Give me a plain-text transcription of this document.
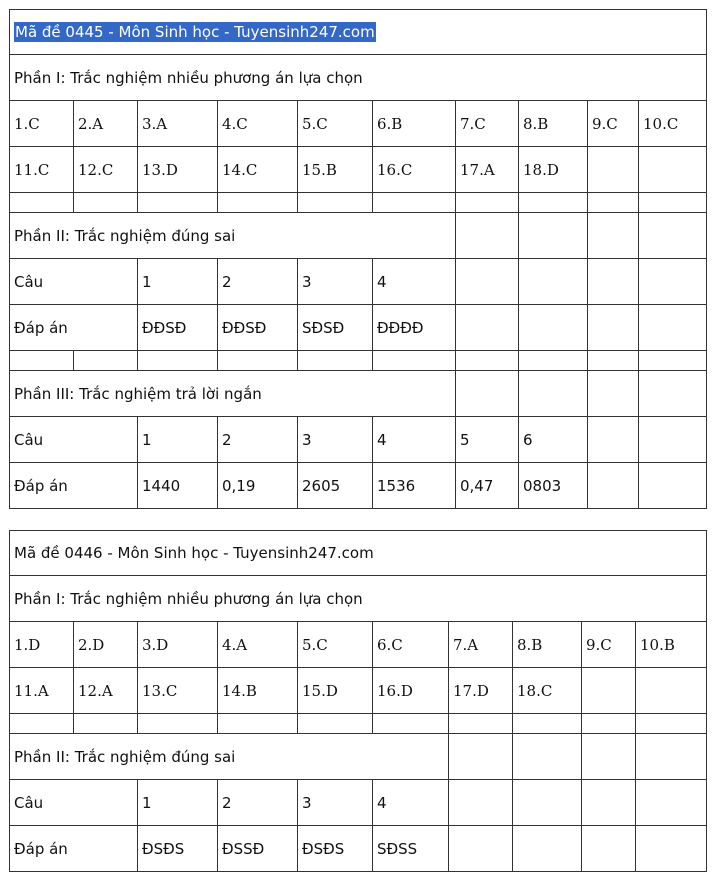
Mã đề 0445 - Môn Sinh học - Tuyensinh247.com									
Phần I: Trắc nghiệm nhiều phương án lựa chọn									
1.C	2.A	3.A	4.C	5.C	6.B	7.C	8.B	9.C	10.C
11.C	12.C	13.D	14.C	15.B	16.C	17.A	18.D		

Phần II: Trắc nghiệm đúng sai									
Câu		1	2	3	4				
Đáp án		ĐĐSĐ	ĐĐSĐ	SĐSĐ	ĐĐĐĐ				

Phần III: Trắc nghiệm trả lời ngắn									
Câu		1	2	3	4	5	6		
Đáp án		1440	0,19	2605	1536	0,47	0803		
Mã đề 0446 - Môn Sinh học - Tuyensinh247.com									
Phần I: Trắc nghiệm nhiều phương án lựa chọn									
1.D	2.D	3.D	4.A	5.C	6.C	7.A	8.B	9.C	10.B
11.A	12.A	13.C	14.B	15.D	16.D	17.D	18.C		

Phần II: Trắc nghiệm đúng sai									
Câu		1	2	3	4				
Đáp án		ĐSĐS	ĐSSĐ	ĐSĐS	SĐSS				
